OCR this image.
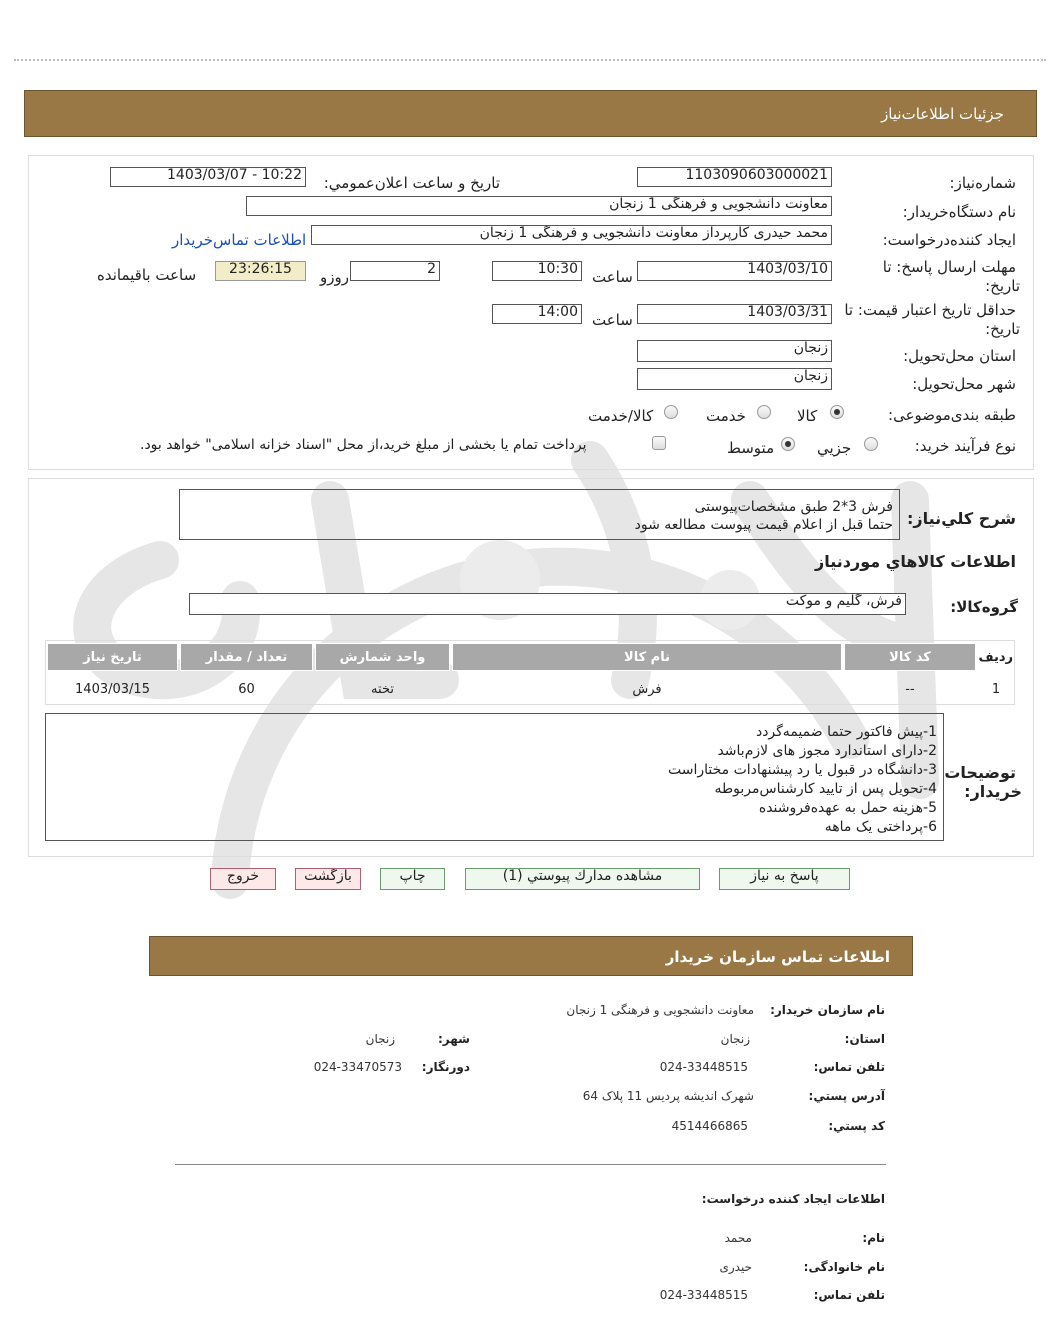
جزئیات اطلاعات‌نیاز
شماره‌نیاز:
1103090603000021
تاريخ و ساعت اعلان‌عمومي:
1403/03/07 - 10:22
نام دستگاه‌خريدار:
معاونت دانشجویی و فرهنگی 1 زنجان
ايجاد كننده‌درخواست:
محمد حیدری کارپرداز معاونت دانشجویی و فرهنگی 1 زنجان
اطلاعات تماس‌خریدار
مهلت ارسال پاسخ: تا
تاريخ:
1403/03/10
ساعت
10:30
2
روزو
23:26:15
ساعت باقيمانده
حداقل تاريخ اعتبار قيمت: تا
تاريخ:
1403/03/31
ساعت
14:00
استان محل‌تحويل:
زنجان
شهر محل‌تحويل:
زنجان
طبقه بندی‌موضوعی:
كالا
خدمت
كالا/خدمت
نوع فرآيند خريد:
جزيي
متوسط
پرداخت تمام يا بخشی از مبلغ خريد،از محل "اسناد خزانه اسلامی" خواهد بود.
شرح كلي‌نياز:
فرش 3*2 طبق مشخصات‌پیوستی
حتما قبل از اعلام قیمت پیوست مطالعه شود
اطلاعات كالاهاي موردنياز
گروه‌كالا:
فرش، گليم و موكت
رديف
كد كالا
نام كالا
واحد شمارش
تعداد / مقدار
تاريخ نياز
1
--
فرش
تخته
60
1403/03/15
توضيحات
خريدار:
1-پیش فاکتور حتما ضمیمه‌گردد
2-دارای استاندارد مجوز های لازم‌باشد
3-دانشگاه در قبول یا رد پیشنهادات مختاراست
4-تحویل پس از تایید کارشناس‌مربوطه
5-هزینه حمل به عهده‌فروشنده
6-پرداختی یک ماهه
پاسخ به نياز
مشاهده مدارك پيوستي (1)
چاپ
بازگشت
خروج
اطلاعات تماس سازمان خريدار
نام سازمان خريدار:
معاونت دانشجویی و فرهنگی 1 زنجان
استان:
زنجان
شهر:
زنجان
تلفن تماس:
024-33448515
دورنگار:
024-33470573
آدرس پستي:
شهرک اندیشه پردیس 11 پلاک 64
کد پستي:
4514466865
اطلاعات ایجاد کننده درخواست:
نام:
محمد
نام خانوادگی:
حیدری
تلفن تماس:
024-33448515
